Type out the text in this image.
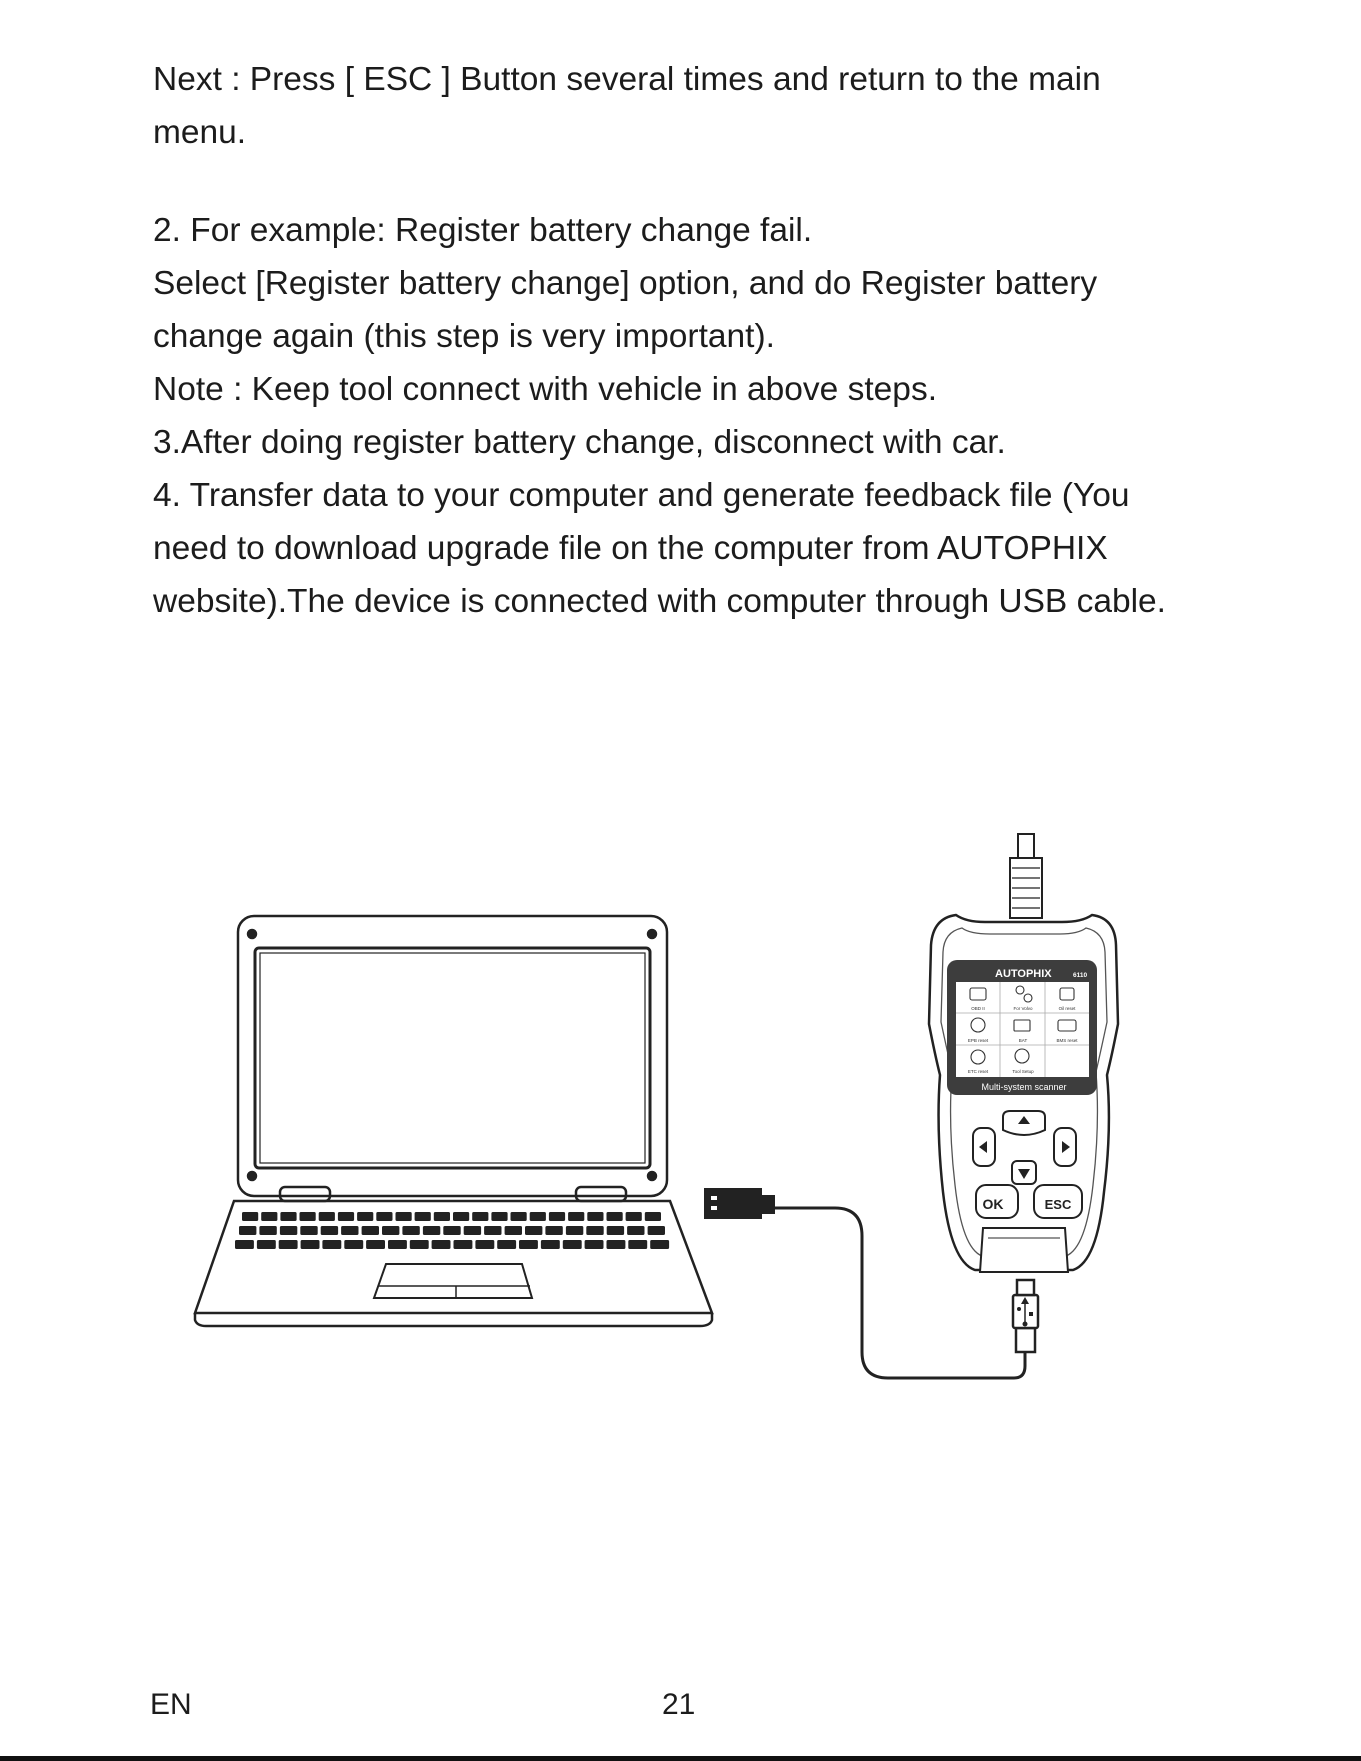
Next : Press [ ESC ] Button several times and return to the main
menu.
2. For example: Register battery change fail.
Select [Register battery change] option, and do Register battery
change again (this step is very important).
Note : Keep tool connect with vehicle in above steps.
3.After doing register battery change, disconnect with car.
4. Transfer data to your computer and generate feedback file (You
need to download upgrade file on the computer from AUTOPHIX
website).The device is connected with computer through USB cable.
AUTOPHIX	6110
OBD II	For Volvo	Oil reset
EPB reset	BAT	BMS reset
ETC reset	Tool Setup
Multi-system scanner
OK	ESC
EN	21
